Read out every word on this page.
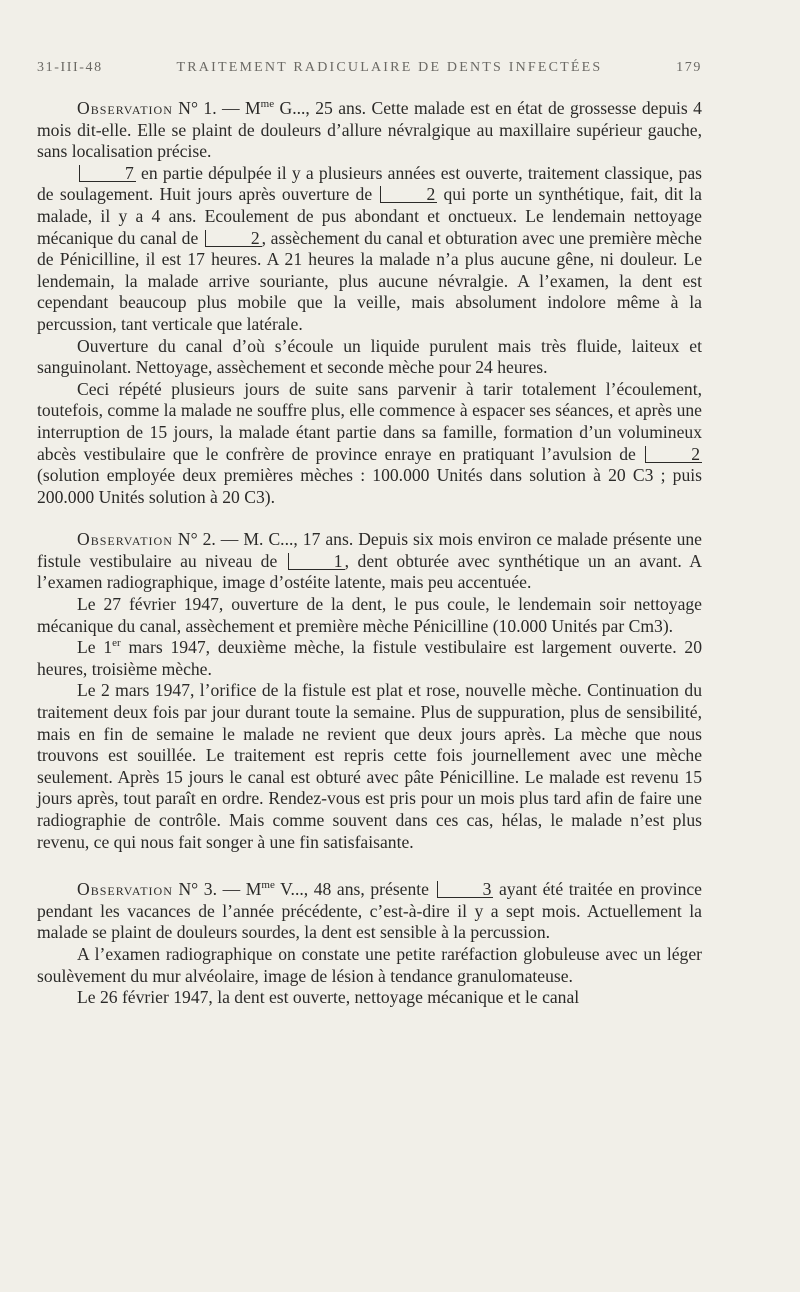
31-III-48	TRAITEMENT RADICULAIRE DE DENTS INFECTÉES	179

Observation N° 1. — $M^{me}$ G..., 25 ans. Cette malade est en état de grossesse depuis 4 mois dit-elle. Elle se plaint de douleurs d’allure névralgique au maxillaire supérieur gauche, sans localisation précise.

7 en partie dépulpée il y a plusieurs années est ouverte, traitement classique, pas de soulagement. Huit jours après ouverture de	2 qui porte un synthétique, fait, dit la malade, il y a 4 ans. Ecoulement de pus abondant et onctueux. Le lendemain nettoyage mécanique du canal de	2 , assèchement du canal et obturation avec une première mèche de Pénicilline, il est 17 heures. A 21 heures la malade n’a plus aucune gêne, ni douleur. Le lendemain, la malade arrive souriante, plus aucune névralgie. A l’examen, la dent est cependant beaucoup plus mobile que la veille, mais absolument indolore même à la percussion, tant verticale que latérale.

Ouverture du canal d’où s’écoule un liquide purulent mais très fluide, laiteux et sanguinolant. Nettoyage, assèchement et seconde mèche pour 24 heures.

Ceci répété plusieurs jours de suite sans parvenir à tarir totalement l’écoulement, toutefois, comme la malade ne souffre plus, elle commence à espacer ses séances, et après une interruption de 15 jours, la malade étant partie dans sa famille, formation d’un volumineux abcès vestibulaire que le confrère de province enraye en pratiquant l’avulsion de	2 (solution employée deux premières mèches : 100.000 Unités dans solution à 20 C3 ; puis 200.000 Unités solution à 20 C3).

Observation N° 2. — M. C..., 17 ans. Depuis six mois environ ce malade présente une fistule vestibulaire au niveau de	1 , dent obturée avec synthétique un an avant. A l’examen radiographique, image d’ostéite latente, mais peu accentuée.

Le 27 février 1947, ouverture de la dent, le pus coule, le lendemain soir nettoyage mécanique du canal, assèchement et première mèche Pénicilline (10.000 Unités par Cm3).

Le 1er mars 1947, deuxième mèche, la fistule vestibulaire est largement ouverte. 20 heures, troisième mèche.

Le 2 mars 1947, l’orifice de la fistule est plat et rose, nouvelle mèche. Continuation du traitement deux fois par jour durant toute la semaine. Plus de suppuration, plus de sensibilité, mais en fin de semaine le malade ne revient que deux jours après. La mèche que nous trouvons est souillée. Le traitement est repris cette fois journellement avec une mèche seulement. Après 15 jours le canal est obturé avec pâte Pénicilline. Le malade est revenu 15 jours après, tout paraît en ordre. Rendez-vous est pris pour un mois plus tard afin de faire une radiographie de contrôle. Mais comme souvent dans ces cas, hélas, le malade n’est plus revenu, ce qui nous fait songer à une fin satisfaisante.

Observation N° 3. — $M^{me}$ V..., 48 ans, présente	3 ayant été traitée en province pendant les vacances de l’année précédente, c’est-à-dire il y a sept mois. Actuellement la malade se plaint de douleurs sourdes, la dent est sensible à la percussion.

A l’examen radiographique on constate une petite raréfaction globuleuse avec un léger soulèvement du mur alvéolaire, image de lésion à tendance granulomateuse.

Le 26 février 1947, la dent est ouverte, nettoyage mécanique et le canal
